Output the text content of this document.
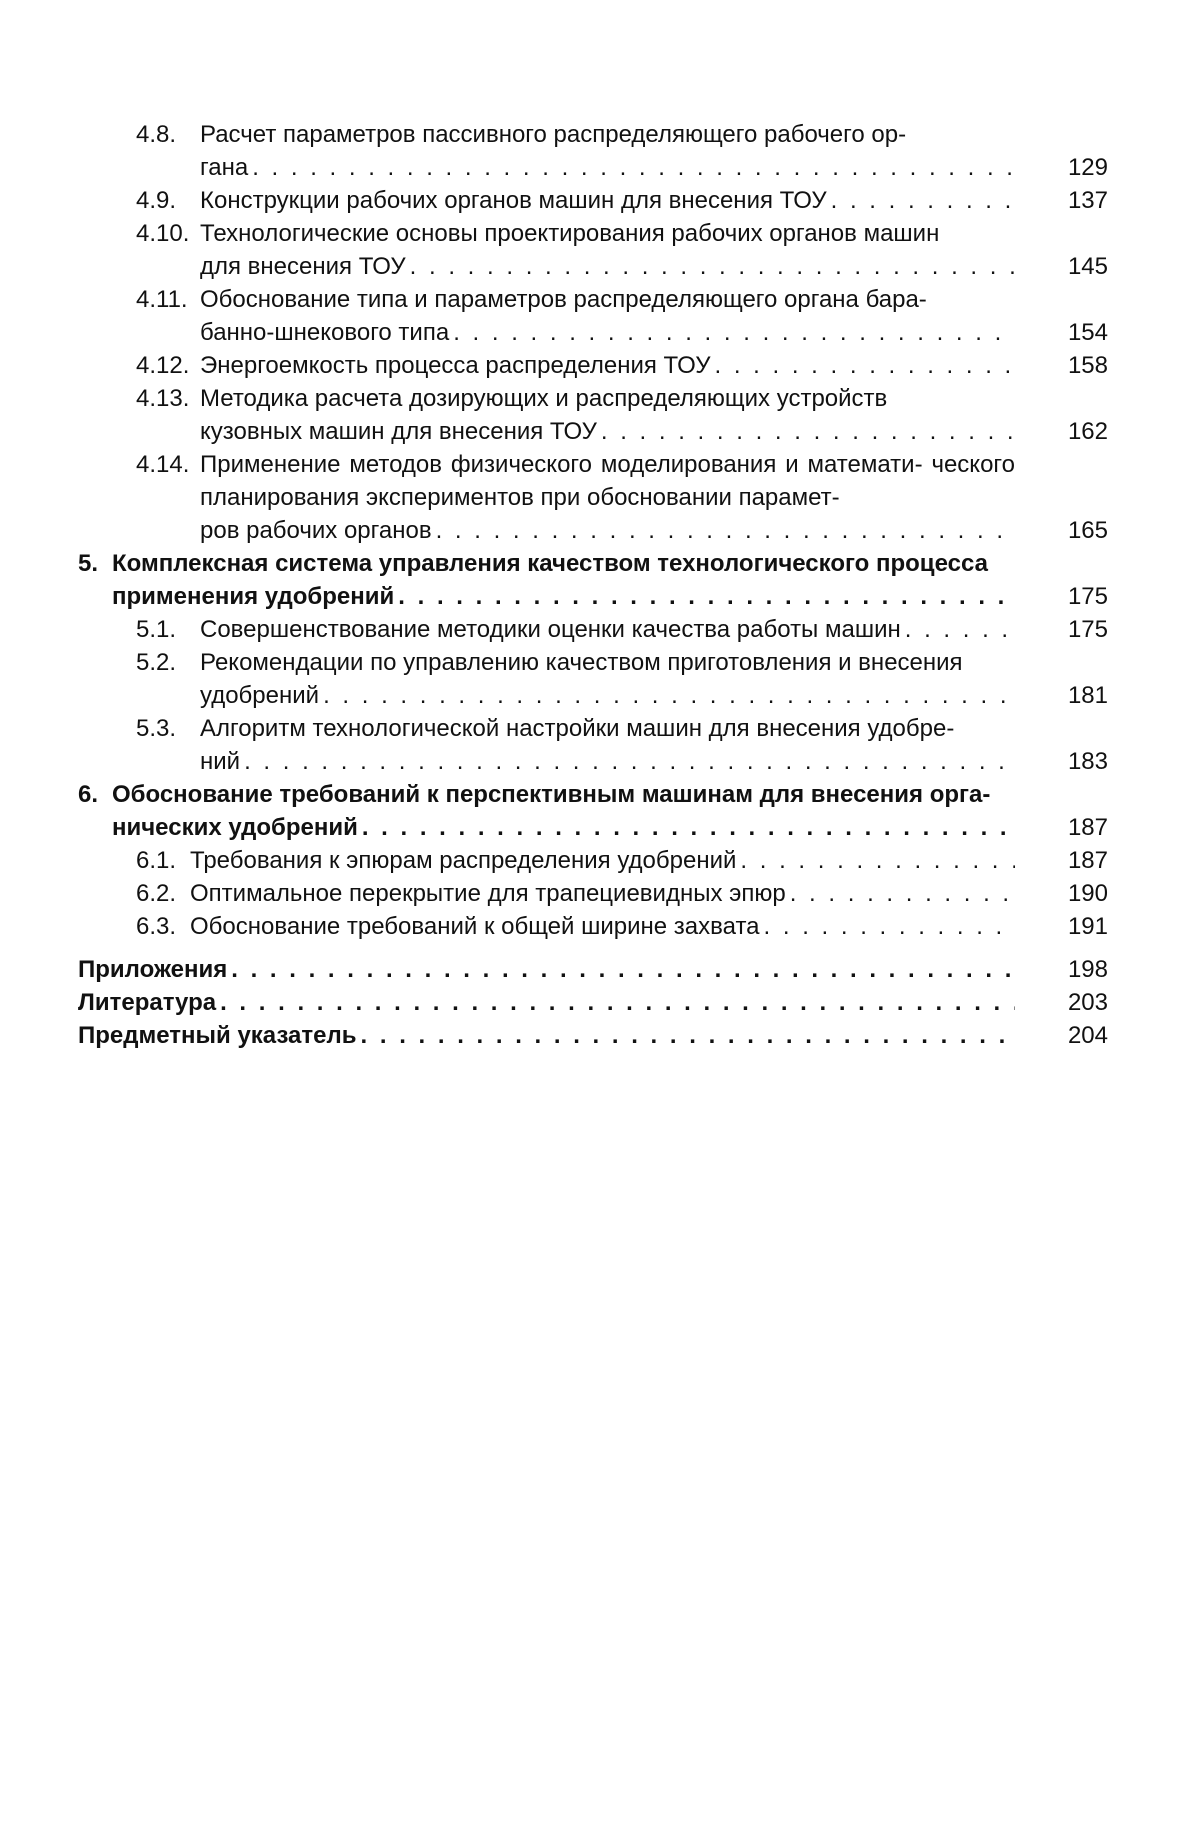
4.8. Расчет параметров пассивного распределяющего рабочего ор-
гана . . .	129
4.9. Конструкции рабочих органов машин для внесения ТОУ . . .	137
4.10. Технологические основы проектирования рабочих органов машин
для внесения ТОУ . . .	145
4.11. Обоснование типа и параметров распределяющего органа бара-
банно-шнекового типа . . .	154
4.12. Энергоемкость процесса распределения ТОУ . . .	158
4.13. Методика расчета дозирующих и распределяющих устройств
кузовных машин для внесения ТОУ . . .	162
4.14. Применение методов физического моделирования и математи- ческого планирования экспериментов при обосновании парамет-
ров рабочих органов . . .	165
5. Комплексная система управления качеством технологического процесса
применения удобрений . . .	175
5.1. Совершенствование методики оценки качества работы машин . . .	175
5.2. Рекомендации по управлению качеством приготовления и внесения
удобрений . . .	181
5.3. Алгоритм технологической настройки машин для внесения удобре-
ний . . .	183
6. Обоснование требований к перспективным машинам для внесения орга-
нических удобрений . . .	187
6.1. Требования к эпюрам распределения удобрений . . .	187
6.2. Оптимальное перекрытие для трапециевидных эпюр . . .	190
6.3. Обоснование требований к общей ширине захвата . . .	191
Приложения . . .	198
Литература . . .	203
Предметный указатель . . .	204
